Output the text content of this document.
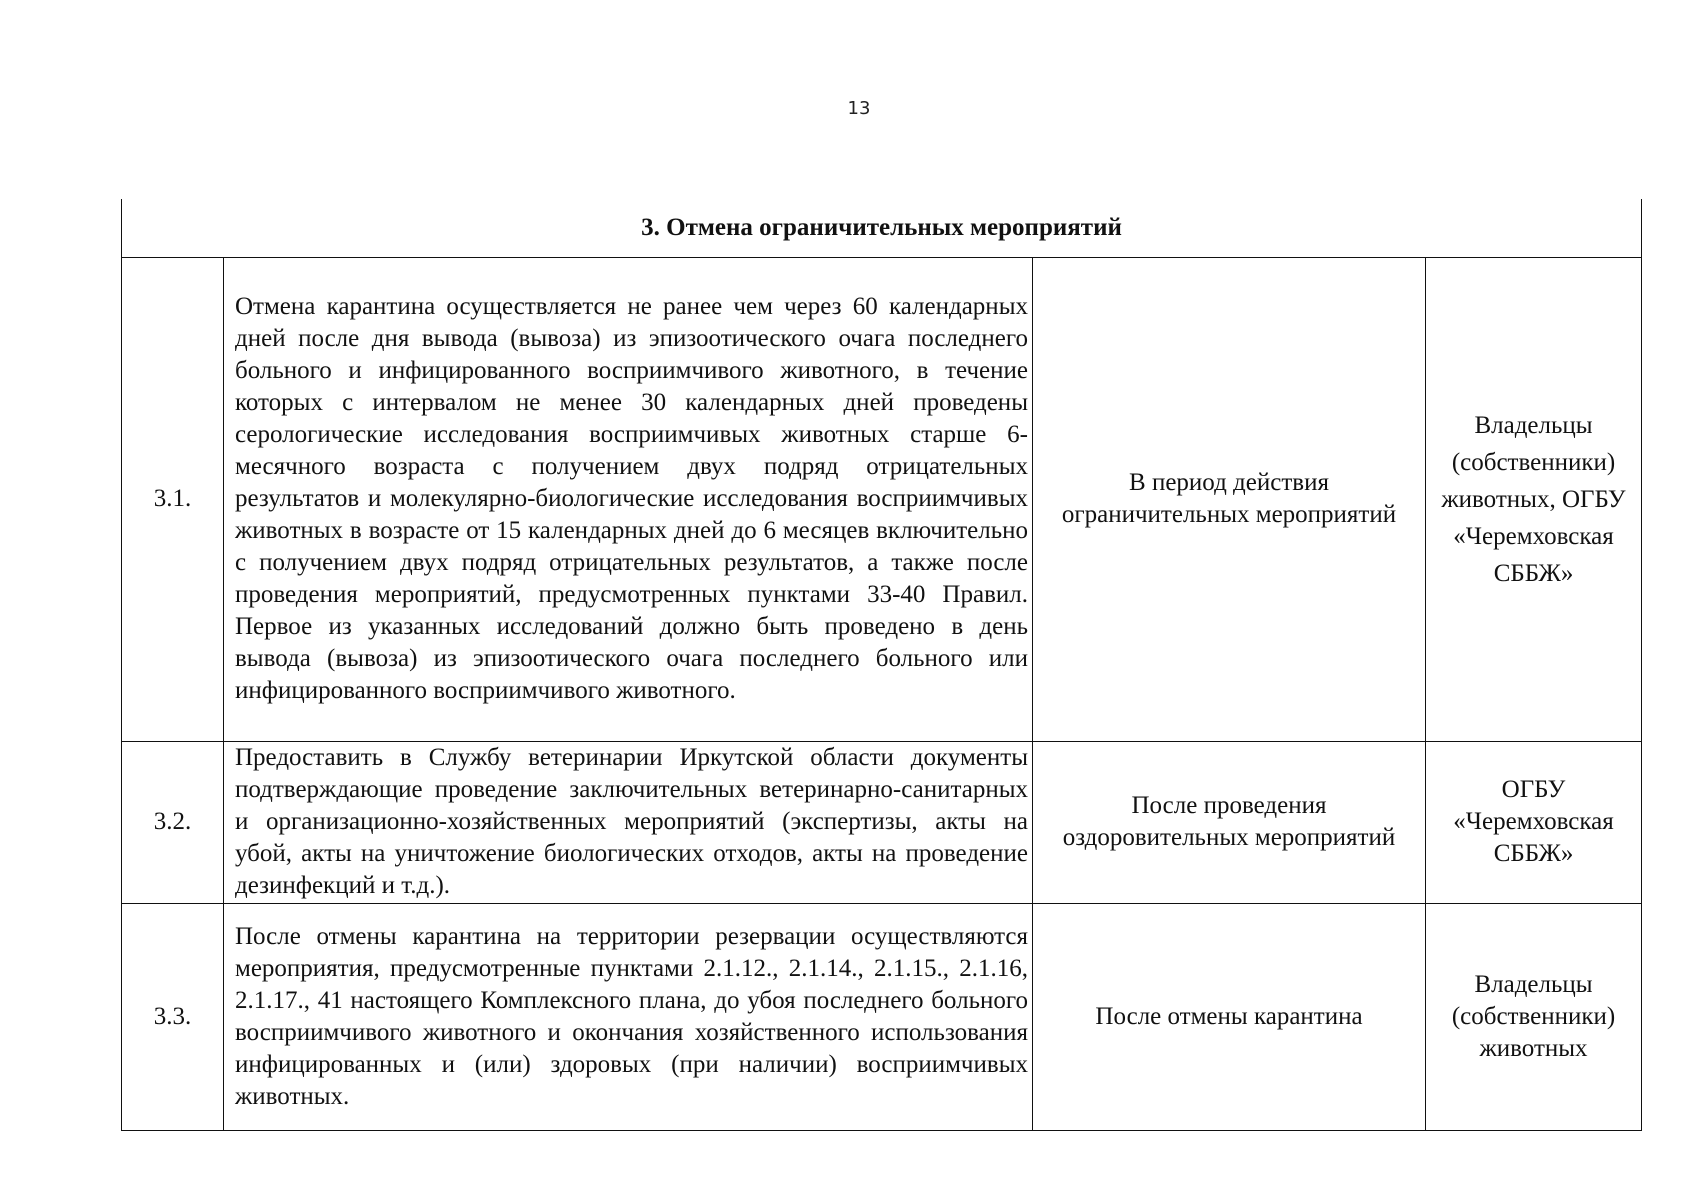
13
3. Отмена ограничительных мероприятий			
3.1.	Отмена карантина осуществляется не ранее чем через 60 календарных дней после дня вывода (вывоза) из эпизоотического очага последнего больного и инфицированного восприимчивого животного, в течение которых с интервалом не менее 30 календарных дней проведены серологические исследования восприимчивых животных старше 6-месячного возраста с получением двух подряд отрицательных результатов и молекулярно-биологические исследования восприимчивых животных в возрасте от 15 календарных дней до 6 месяцев включительно с получением двух подряд отрицательных результатов, а также после проведения мероприятий, предусмотренных пунктами 33-40 Правил. Первое из указанных исследований должно быть проведено в день вывода (вывоза) из эпизоотического очага последнего больного или инфицированного восприимчивого животного.	В период действия ограничительных мероприятий	Владельцы (собственники) животных, ОГБУ «Черемховская СББЖ»
3.2.	Предоставить в Службу ветеринарии Иркутской области документы подтверждающие проведение заключительных ветеринарно-санитарных и организационно-хозяйственных мероприятий (экспертизы, акты на убой, акты на уничтожение биологических отходов, акты на проведение дезинфекций и т.д.).	После проведения оздоровительных мероприятий	ОГБУ «Черемховская СББЖ»
3.3.	После отмены карантина на территории резервации осуществляются мероприятия, предусмотренные пунктами 2.1.12., 2.1.14., 2.1.15., 2.1.16, 2.1.17., 41 настоящего Комплексного плана, до убоя последнего больного восприимчивого животного и окончания хозяйственного использования инфицированных и (или) здоровых (при наличии) восприимчивых животных.	После отмены карантина	Владельцы (собственники) животных
